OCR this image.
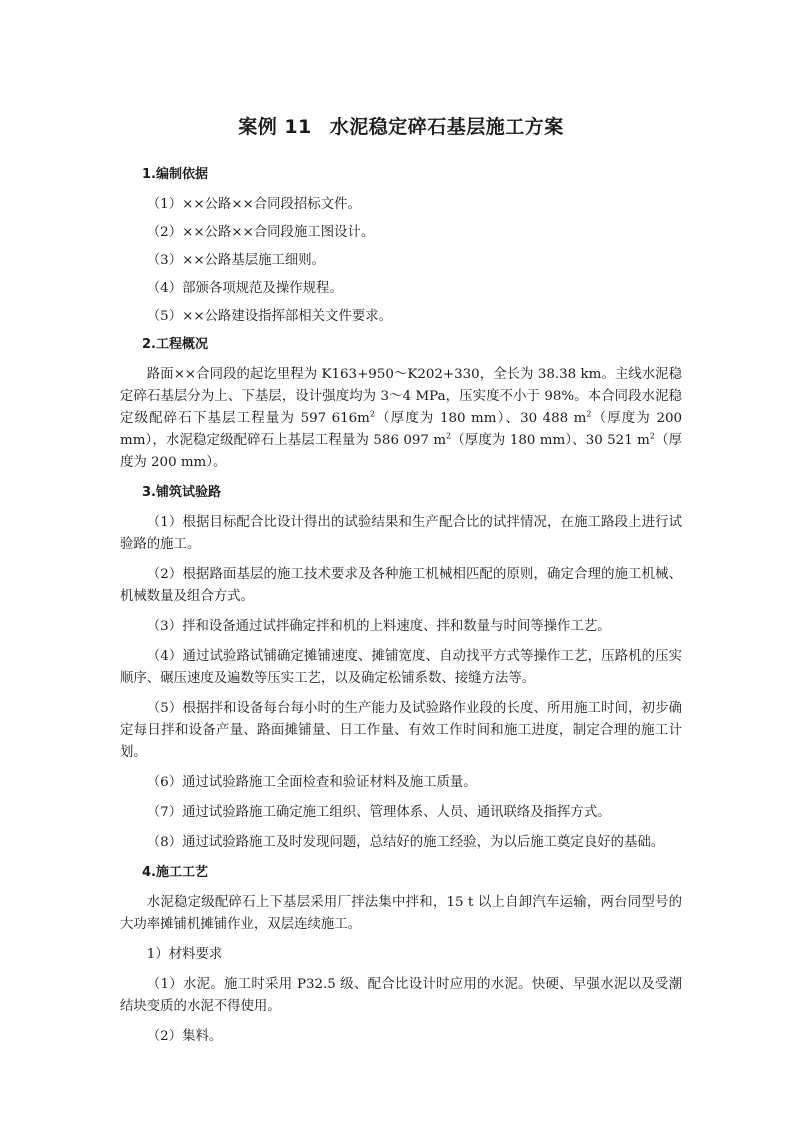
案例 11 水泥稳定碎石基层施工方案
1.编制依据
（1）××公路××合同段招标文件。
（2）××公路××合同段施工图设计。
（3）××公路基层施工细则。
（4）部颁各项规范及操作规程。
（5）××公路建设指挥部相关文件要求。
2.工程概况
路面××合同段的起讫里程为 K163+950～K202+330，全长为 38.38 km。主线水泥稳定碎石基层分为上、下基层，设计强度均为 3～4 MPa，压实度不小于 98%。本合同段水泥稳定级配碎石下基层工程量为 597 $616m^2$（厚度为 180 mm）、30 488 $m^2$（厚度为 200 mm），水泥稳定级配碎石上基层工程量为 586 097 $m^2$（厚度为 180 mm）、30 521 $m^2$（厚度为 200 mm）。
3.铺筑试验路
（1）根据目标配合比设计得出的试验结果和生产配合比的试拌情况，在施工路段上进行试验路的施工。
（2）根据路面基层的施工技术要求及各种施工机械相匹配的原则，确定合理的施工机械、机械数量及组合方式。
（3）拌和设备通过试拌确定拌和机的上料速度、拌和数量与时间等操作工艺。
（4）通过试验路试铺确定摊铺速度、摊铺宽度、自动找平方式等操作工艺，压路机的压实顺序、碾压速度及遍数等压实工艺，以及确定松铺系数、接缝方法等。
（5）根据拌和设备每台每小时的生产能力及试验路作业段的长度、所用施工时间，初步确定每日拌和设备产量、路面摊铺量、日工作量、有效工作时间和施工进度，制定合理的施工计划。
（6）通过试验路施工全面检查和验证材料及施工质量。
（7）通过试验路施工确定施工组织、管理体系、人员、通讯联络及指挥方式。
（8）通过试验路施工及时发现问题，总结好的施工经验，为以后施工奠定良好的基础。
4.施工工艺
水泥稳定级配碎石上下基层采用厂拌法集中拌和，15 t 以上自卸汽车运输，两台同型号的大功率摊铺机摊铺作业，双层连续施工。
1）材料要求
（1）水泥。施工时采用 P32.5 级、配合比设计时应用的水泥。快硬、早强水泥以及受潮结块变质的水泥不得使用。
（2）集料。
